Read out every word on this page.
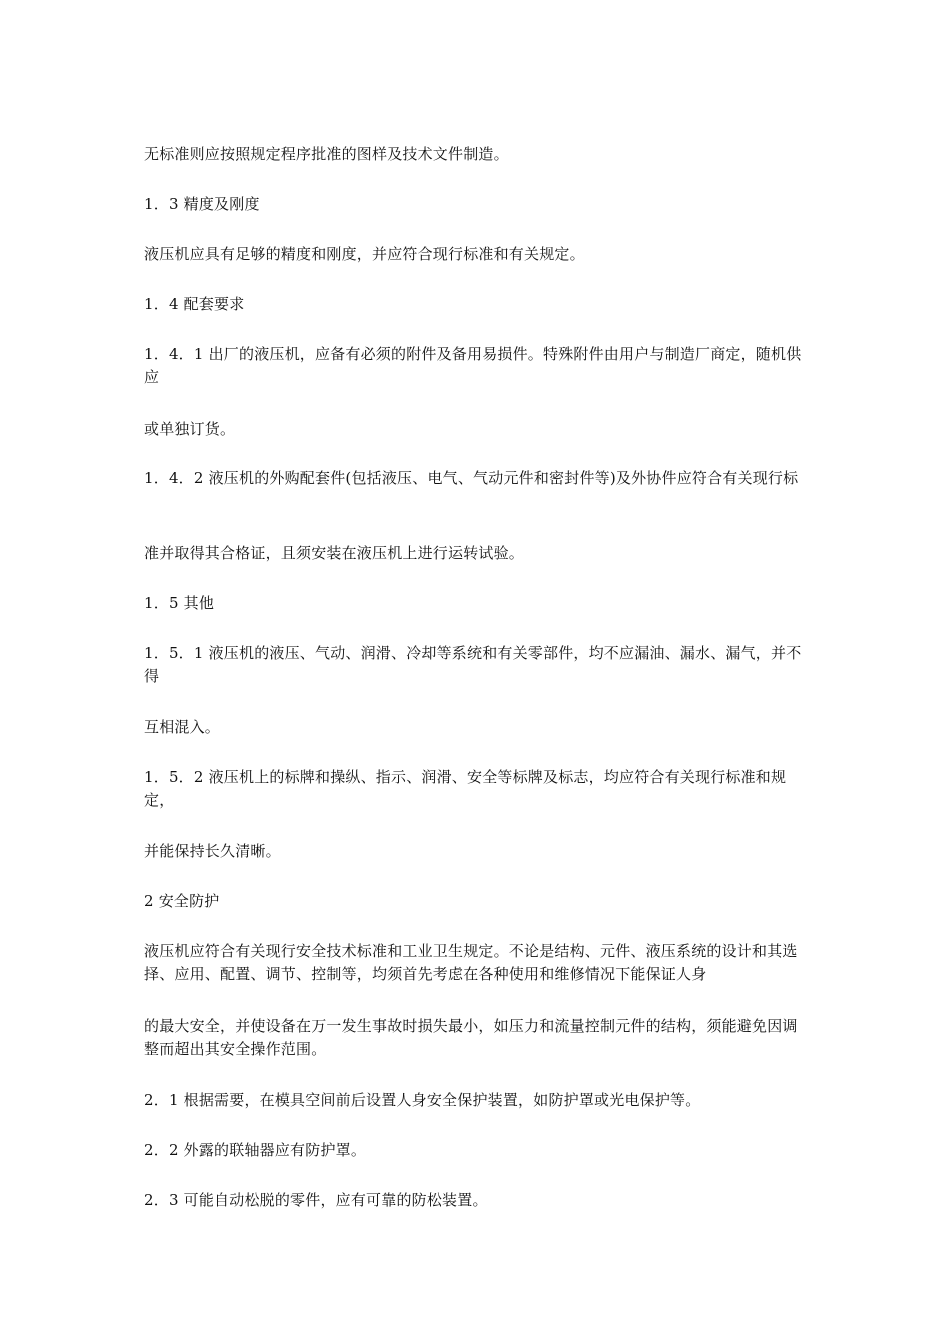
无标准则应按照规定程序批准的图样及技术文件制造。

1．3 精度及刚度

液压机应具有足够的精度和刚度，并应符合现行标准和有关规定。

1．4 配套要求

1．4．1 出厂的液压机，应备有必须的附件及备用易损件。特殊附件由用户与制造厂商定，随机供应

或单独订货。

1．4．2 液压机的外购配套件(包括液压、电气、气动元件和密封件等)及外协件应符合有关现行标

准并取得其合格证，且须安装在液压机上进行运转试验。

1．5 其他

1．5．1 液压机的液压、气动、润滑、冷却等系统和有关零部件，均不应漏油、漏水、漏气，并不得

互相混入。

1．5．2 液压机上的标牌和操纵、指示、润滑、安全等标牌及标志，均应符合有关现行标准和规定，

并能保持长久清晰。

2 安全防护

液压机应符合有关现行安全技术标准和工业卫生规定。不论是结构、元件、液压系统的设计和其选择、应用、配置、调节、控制等，均须首先考虑在各种使用和维修情况下能保证人身

的最大安全，并使设备在万一发生事故时损失最小，如压力和流量控制元件的结构，须能避免因调整而超出其安全操作范围。

2．1 根据需要，在模具空间前后设置人身安全保护装置，如防护罩或光电保护等。

2．2 外露的联轴器应有防护罩。

2．3 可能自动松脱的零件，应有可靠的防松装置。
